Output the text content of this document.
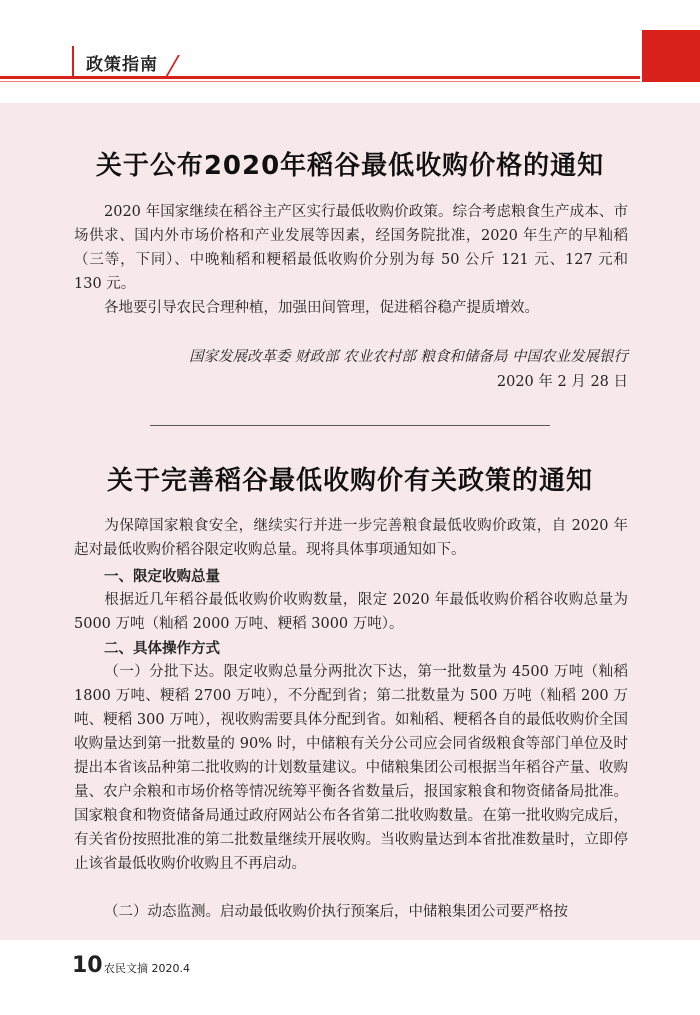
政策指南
关于公布2020年稻谷最低收购价格的通知
2020 年国家继续在稻谷主产区实行最低收购价政策。综合考虑粮食生产成本、市场供求、国内外市场价格和产业发展等因素，经国务院批准，2020 年生产的早籼稻（三等，下同）、中晚籼稻和粳稻最低收购价分别为每 50 公斤 121 元、127 元和 130 元。
各地要引导农民合理种植，加强田间管理，促进稻谷稳产提质增效。
国家发展改革委 财政部 农业农村部 粮食和储备局 中国农业发展银行
2020 年 2 月 28 日
关于完善稻谷最低收购价有关政策的通知
为保障国家粮食安全，继续实行并进一步完善粮食最低收购价政策，自 2020 年起对最低收购价稻谷限定收购总量。现将具体事项通知如下。
一、限定收购总量
根据近几年稻谷最低收购价收购数量，限定 2020 年最低收购价稻谷收购总量为 5000 万吨（籼稻 2000 万吨、粳稻 3000 万吨）。
二、具体操作方式
（一）分批下达。限定收购总量分两批次下达，第一批数量为 4500 万吨（籼稻 1800 万吨、粳稻 2700 万吨），不分配到省；第二批数量为 500 万吨（籼稻 200 万吨、粳稻 300 万吨），视收购需要具体分配到省。如籼稻、粳稻各自的最低收购价全国收购量达到第一批数量的 90% 时，中储粮有关分公司应会同省级粮食等部门单位及时提出本省该品种第二批收购的计划数量建议。中储粮集团公司根据当年稻谷产量、收购量、农户余粮和市场价格等情况统筹平衡各省数量后，报国家粮食和物资储备局批准。国家粮食和物资储备局通过政府网站公布各省第二批收购数量。在第一批收购完成后，有关省份按照批准的第二批数量继续开展收购。当收购量达到本省批准数量时，立即停止该省最低收购价收购且不再启动。
（二）动态监测。启动最低收购价执行预案后，中储粮集团公司要严格按
10 农民文摘 2020.4
